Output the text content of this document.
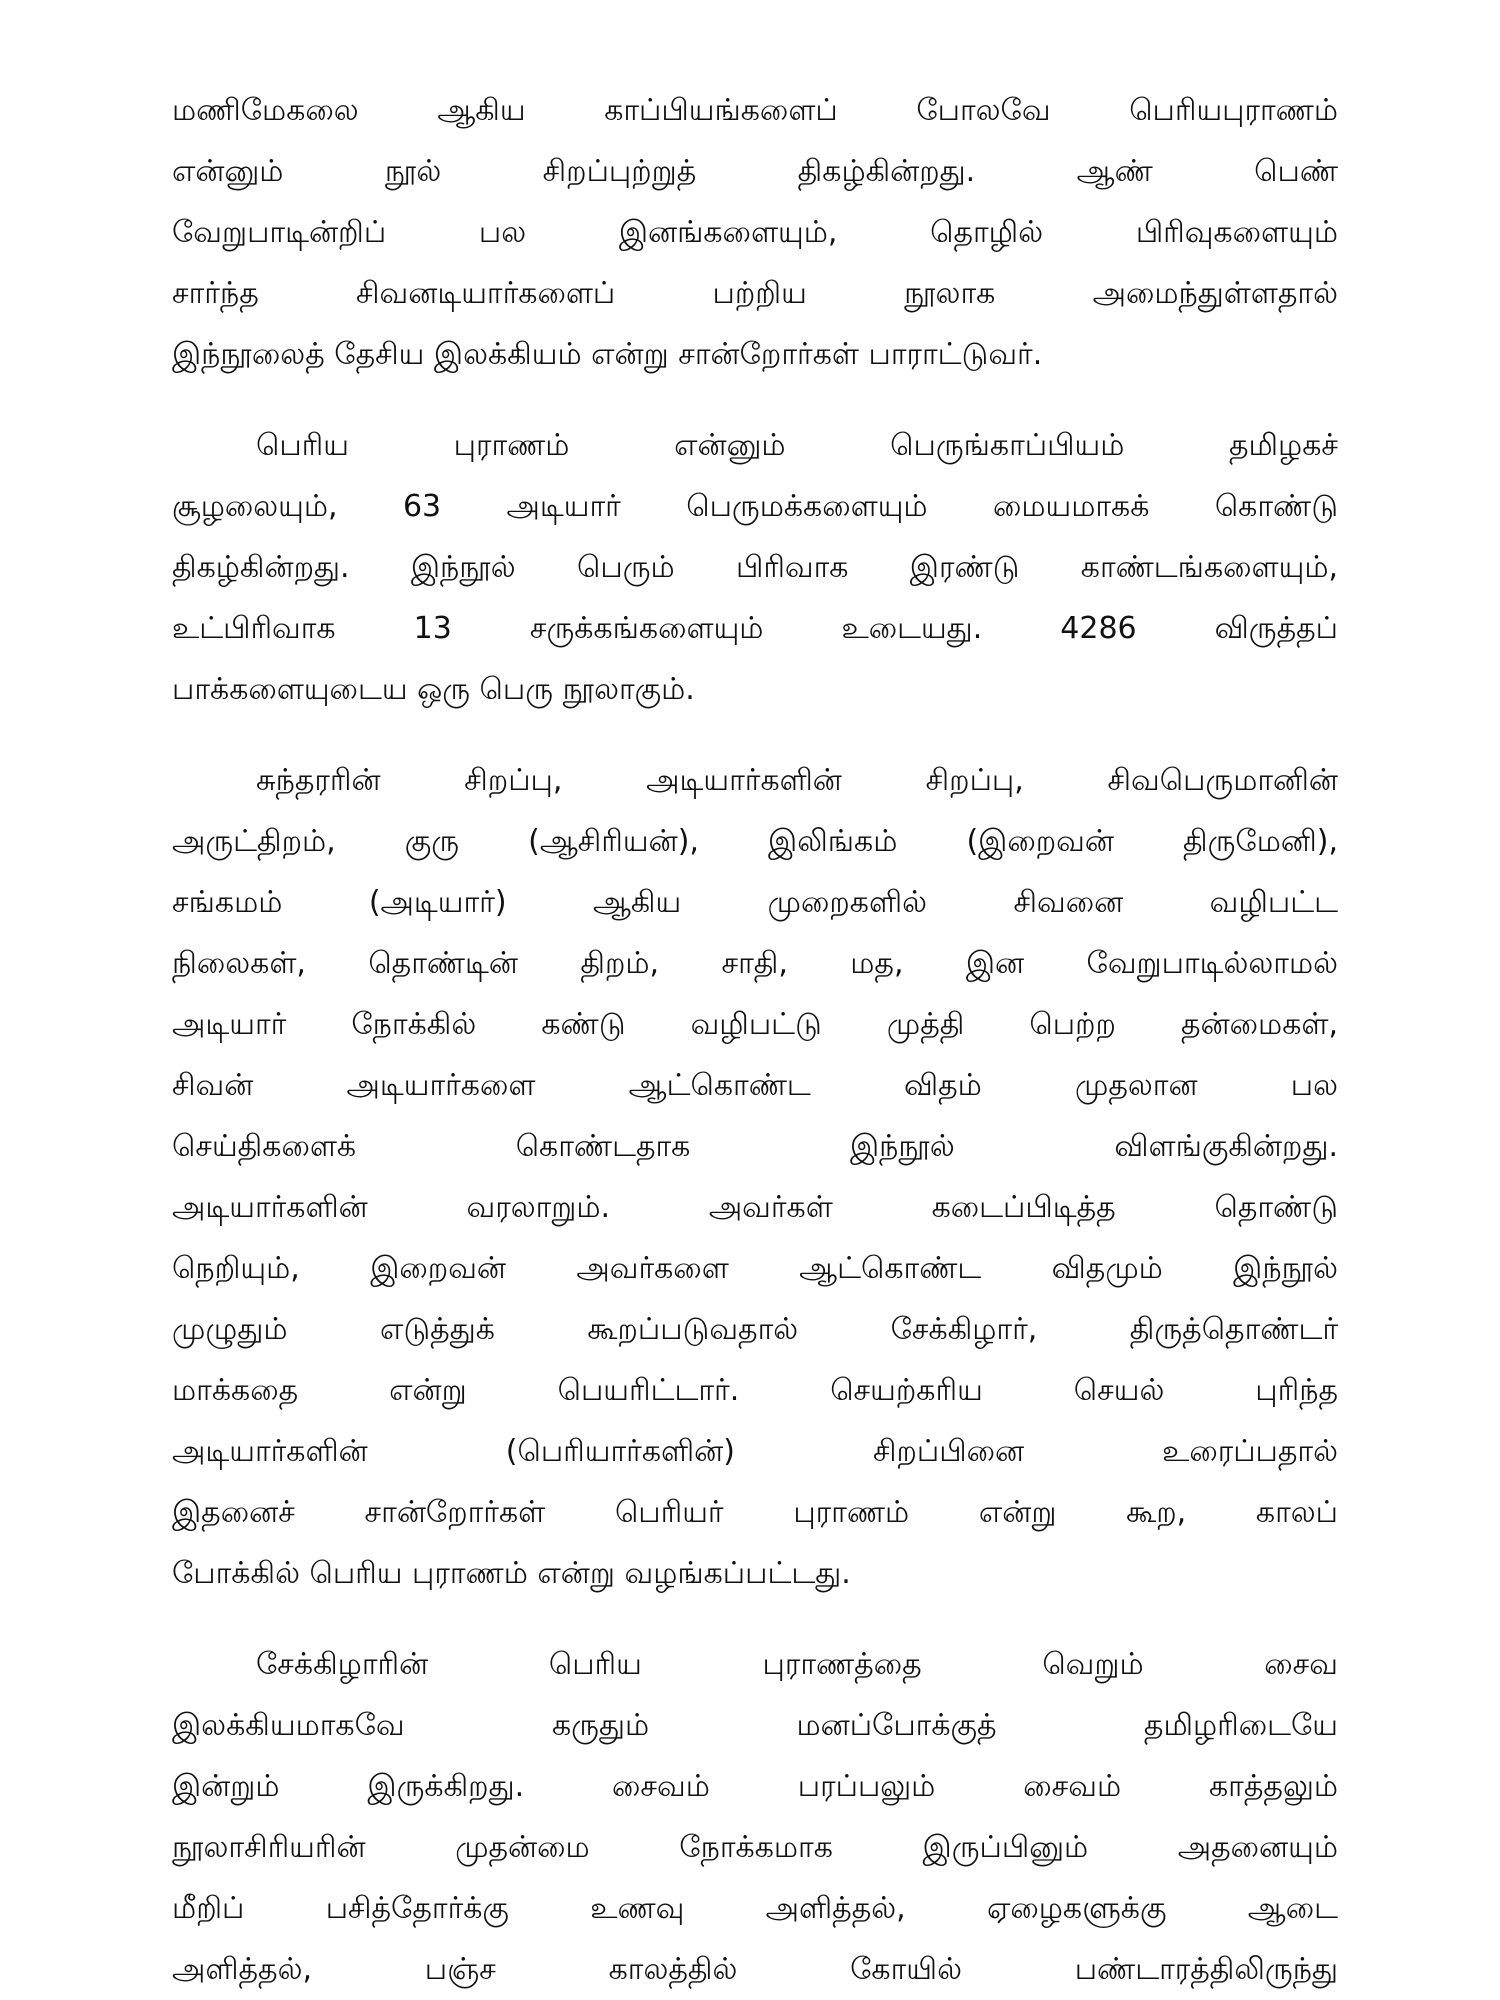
மணிமேகலை ஆகிய காப்பியங்களைப் போலவே பெரியபுராணம்
என்னும் நூல் சிறப்புற்றுத் திகழ்கின்றது. ஆண் பெண்
வேறுபாடின்றிப் பல இனங்களையும், தொழில் பிரிவுகளையும்
சார்ந்த சிவனடியார்களைப் பற்றிய நூலாக அமைந்துள்ளதால்
இந்நூலைத் தேசிய இலக்கியம் என்று சான்றோர்கள் பாராட்டுவர்.
பெரிய புராணம் என்னும் பெருங்காப்பியம் தமிழகச்
சூழலையும், 63 அடியார் பெருமக்களையும் மையமாகக் கொண்டு
திகழ்கின்றது. இந்நூல் பெரும் பிரிவாக இரண்டு காண்டங்களையும்,
உட்பிரிவாக 13 சருக்கங்களையும் உடையது. 4286 விருத்தப்
பாக்களையுடைய ஒரு பெரு நூலாகும்.
சுந்தரரின் சிறப்பு, அடியார்களின் சிறப்பு, சிவபெருமானின்
அருட்திறம், குரு (ஆசிரியன்), இலிங்கம் (இறைவன் திருமேனி),
சங்கமம் (அடியார்) ஆகிய முறைகளில் சிவனை வழிபட்ட
நிலைகள், தொண்டின் திறம், சாதி, மத, இன வேறுபாடில்லாமல்
அடியார் நோக்கில் கண்டு வழிபட்டு முத்தி பெற்ற தன்மைகள்,
சிவன் அடியார்களை ஆட்கொண்ட விதம் முதலான பல
செய்திகளைக் கொண்டதாக இந்நூல் விளங்குகின்றது.
அடியார்களின் வரலாறும். அவர்கள் கடைப்பிடித்த தொண்டு
நெறியும், இறைவன் அவர்களை ஆட்கொண்ட விதமும் இந்நூல்
முழுதும் எடுத்துக் கூறப்படுவதால் சேக்கிழார், திருத்தொண்டர்
மாக்கதை என்று பெயரிட்டார். செயற்கரிய செயல் புரிந்த
அடியார்களின் (பெரியார்களின்) சிறப்பினை உரைப்பதால்
இதனைச் சான்றோர்கள் பெரியர் புராணம் என்று கூற, காலப்
போக்கில் பெரிய புராணம் என்று வழங்கப்பட்டது.
சேக்கிழாரின் பெரிய புராணத்தை வெறும் சைவ
இலக்கியமாகவே கருதும் மனப்போக்குத் தமிழரிடையே
இன்றும் இருக்கிறது. சைவம் பரப்பலும் சைவம் காத்தலும்
நூலாசிரியரின் முதன்மை நோக்கமாக இருப்பினும் அதனையும்
மீறிப் பசித்தோர்க்கு உணவு அளித்தல், ஏழைகளுக்கு ஆடை
அளித்தல், பஞ்ச காலத்தில் கோயில் பண்டாரத்திலிருந்து
